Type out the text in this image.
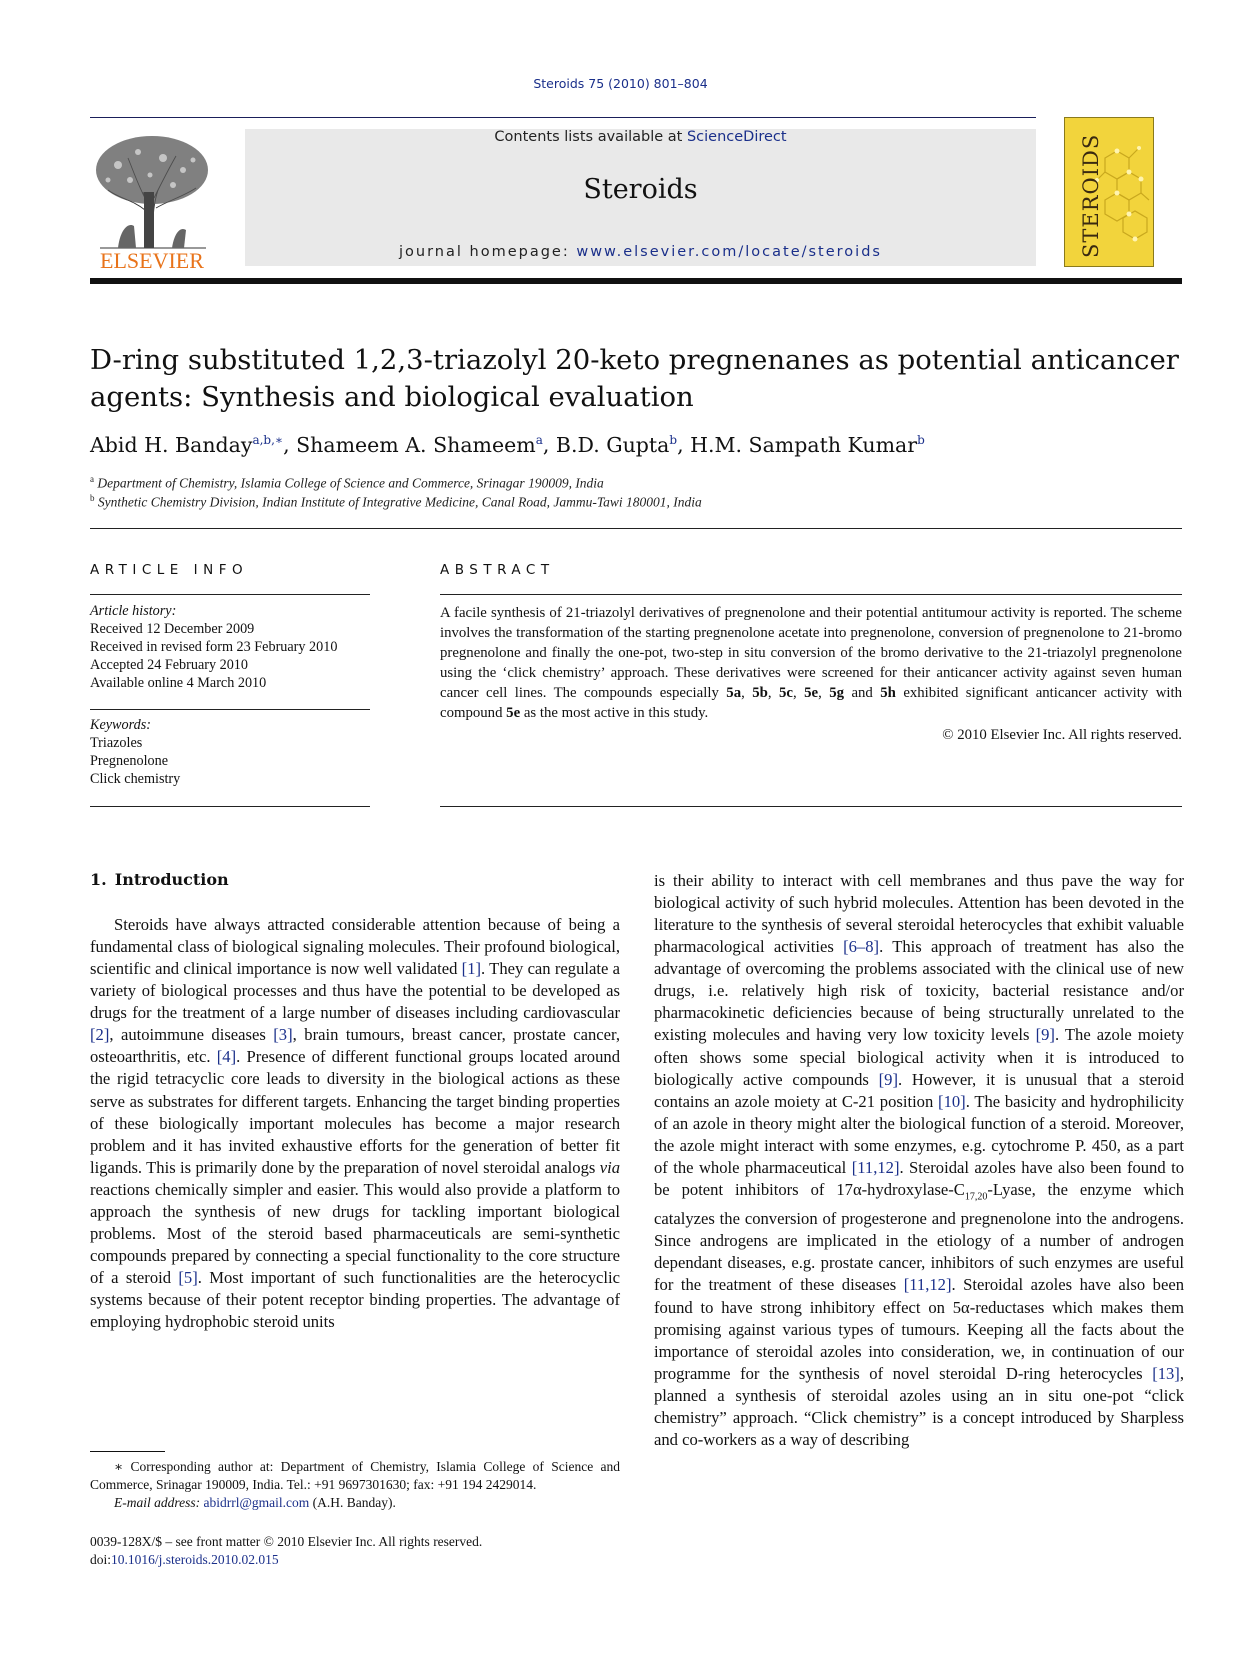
Steroids 75 (2010) 801–804
ELSEVIER
Contents lists available at ScienceDirect
Steroids
journal homepage: www.elsevier.com/locate/steroids	STEROIDS
D-ring substituted 1,2,3-triazolyl 20-keto pregnenanes as potential anticancer agents: Synthesis and biological evaluation
Abid H. Banday$^{a,b,∗}$, Shameem A. Shameem$^a$, B.D. Gupta$^b$, H.M. Sampath Kumar$^b$
$^a$ Department of Chemistry, Islamia College of Science and Commerce, Srinagar 190009, India
$^b$ Synthetic Chemistry Division, Indian Institute of Integrative Medicine, Canal Road, Jammu-Tawi 180001, India
ARTICLE INFO
Article history:
Received 12 December 2009
Received in revised form 23 February 2010
Accepted 24 February 2010
Available online 4 March 2010
Keywords:
Triazoles
Pregnenolone
Click chemistry
ABSTRACT
A facile synthesis of 21-triazolyl derivatives of pregnenolone and their potential antitumour activity is reported. The scheme involves the transformation of the starting pregnenolone acetate into pregnenolone, conversion of pregnenolone to 21-bromo pregnenolone and finally the one-pot, two-step in situ conversion of the bromo derivative to the 21-triazolyl pregnenolone using the ‘click chemistry’ approach. These derivatives were screened for their anticancer activity against seven human cancer cell lines. The compounds especially 5a, 5b, 5c, 5e, 5g and 5h exhibited significant anticancer activity with compound 5e as the most active in this study.
© 2010 Elsevier Inc. All rights reserved.
1. Introduction

Steroids have always attracted considerable attention because of being a fundamental class of biological signaling molecules. Their profound biological, scientific and clinical importance is now well validated [1]. They can regulate a variety of biological processes and thus have the potential to be developed as drugs for the treatment of a large number of diseases including cardiovascular [2], autoimmune diseases [3], brain tumours, breast cancer, prostate cancer, osteoarthritis, etc. [4]. Presence of different functional groups located around the rigid tetracyclic core leads to diversity in the biological actions as these serve as substrates for different targets. Enhancing the target binding properties of these biologically important molecules has become a major research problem and it has invited exhaustive efforts for the generation of better fit ligands. This is primarily done by the preparation of novel steroidal analogs via reactions chemically simpler and easier. This would also provide a platform to approach the synthesis of new drugs for tackling important biological problems. Most of the steroid based pharmaceuticals are semi-synthetic compounds prepared by connecting a special functionality to the core structure of a steroid [5]. Most important of such functionalities are the heterocyclic systems because of their potent receptor binding properties. The advantage of employing hydrophobic steroid units

is their ability to interact with cell membranes and thus pave the way for biological activity of such hybrid molecules. Attention has been devoted in the literature to the synthesis of several steroidal heterocycles that exhibit valuable pharmacological activities [6–8]. This approach of treatment has also the advantage of overcoming the problems associated with the clinical use of new drugs, i.e. relatively high risk of toxicity, bacterial resistance and/or pharmacokinetic deficiencies because of being structurally unrelated to the existing molecules and having very low toxicity levels [9]. The azole moiety often shows some special biological activity when it is introduced to biologically active compounds [9]. However, it is unusual that a steroid contains an azole moiety at C-21 position [10]. The basicity and hydrophilicity of an azole in theory might alter the biological function of a steroid. Moreover, the azole might interact with some enzymes, e.g. cytochrome P. 450, as a part of the whole pharmaceutical [11,12]. Steroidal azoles have also been found to be potent inhibitors of $17\alpha-hydroxylase-C_{17,20}$-Lyase, the enzyme which catalyzes the conversion of progesterone and pregnenolone into the androgens. Since androgens are implicated in the etiology of a number of androgen dependant diseases, e.g. prostate cancer, inhibitors of such enzymes are useful for the treatment of these diseases [11,12]. Steroidal azoles have also been found to have strong inhibitory effect on 5α-reductases which makes them promising against various types of tumours. Keeping all the facts about the importance of steroidal azoles into consideration, we, in continuation of our programme for the synthesis of novel steroidal D-ring heterocycles [13], planned a synthesis of steroidal azoles using an in situ one-pot “click chemistry” approach. “Click chemistry” is a concept introduced by Sharpless and co-workers as a way of describing

∗ Corresponding author at: Department of Chemistry, Islamia College of Science and Commerce, Srinagar 190009, India. Tel.: +91 9697301630; fax: +91 194 2429014.
E-mail address: abidrrl@gmail.com (A.H. Banday).
0039-128X/$ – see front matter © 2010 Elsevier Inc. All rights reserved.
doi:10.1016/j.steroids.2010.02.015
